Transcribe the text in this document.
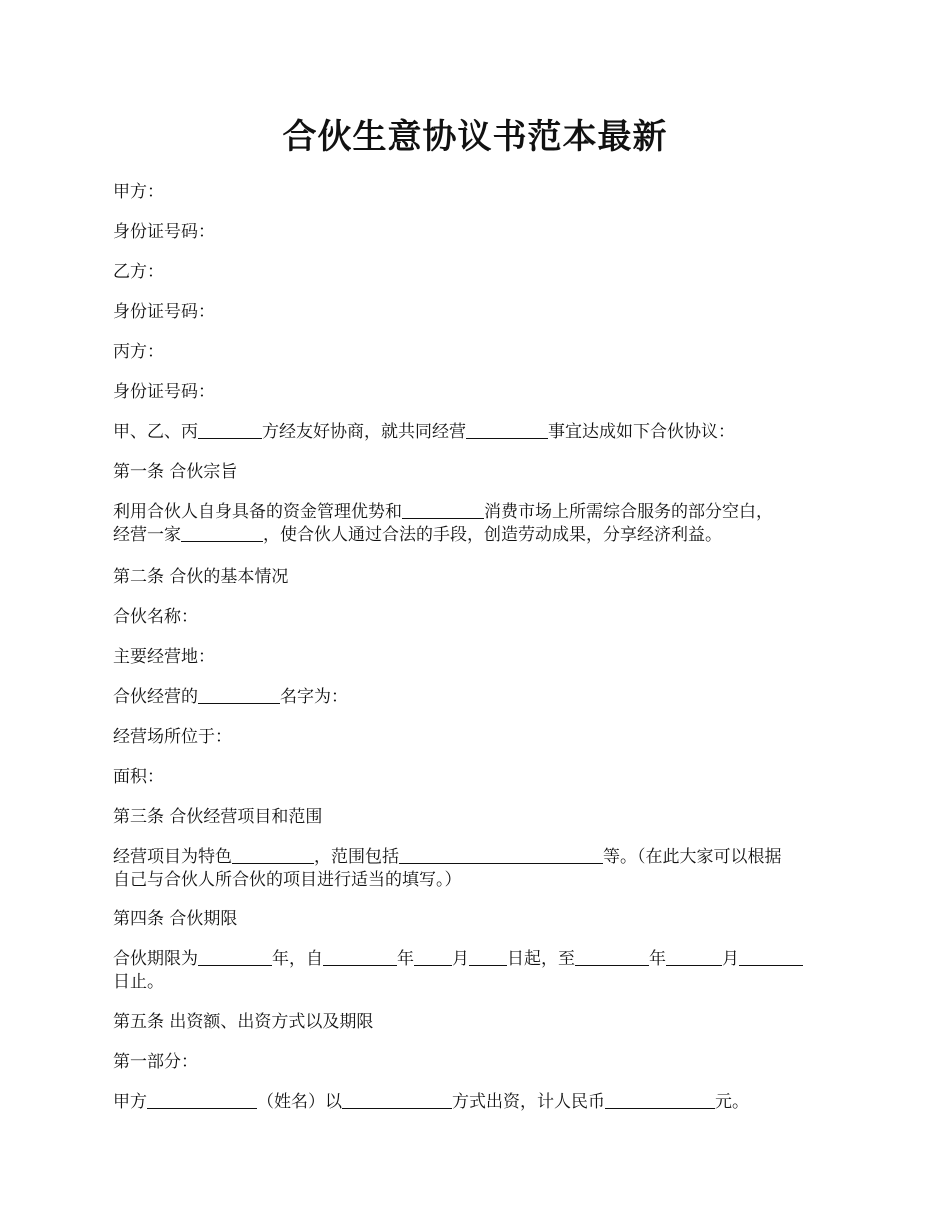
合伙生意协议书范本最新
甲方：
身份证号码：
乙方：
身份证号码：
丙方：
身份证号码：
甲、乙、丙	方经友好协商，就共同经营	事宜达成如下合伙协议：
第一条 合伙宗旨
利用合伙人自身具备的资金管理优势和	消费市场上所需综合服务的部分空白，
经营一家	，使合伙人通过合法的手段，创造劳动成果，分享经济利益。
第二条 合伙的基本情况
合伙名称：
主要经营地：
合伙经营的	名字为：
经营场所位于：
面积：
第三条 合伙经营项目和范围
经营项目为特色	，范围包括	等。（在此大家可以根据
自己与合伙人所合伙的项目进行适当的填写。）
第四条 合伙期限
合伙期限为	年，自	年 月 日起，至	年	月
日止。
第五条 出资额、出资方式以及期限
第一部分：
甲方	（姓名）以	方式出资，计人民币	元。
